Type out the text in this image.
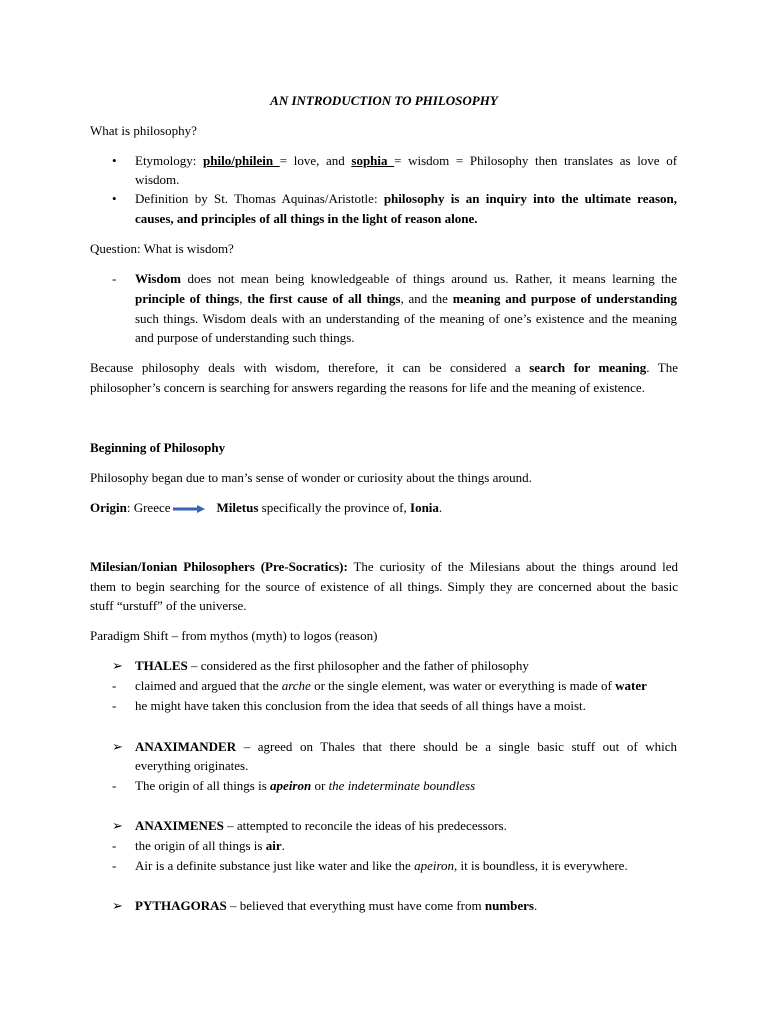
AN INTRODUCTION TO PHILOSOPHY
What is philosophy?
• Etymology: philo/philein = love, and sophia = wisdom = Philosophy then translates as love of
wisdom.
• Definition by St. Thomas Aquinas/Aristotle: philosophy is an inquiry into the ultimate reason,
causes, and principles of all things in the light of reason alone.
Question: What is wisdom?
- Wisdom does not mean being knowledgeable of things around us. Rather, it means learning the
principle of things, the first cause of all things, and the meaning and purpose of understanding
such things. Wisdom deals with an understanding of the meaning of one’s existence and the meaning
and purpose of understanding such things.
Because philosophy deals with wisdom, therefore, it can be considered a search for meaning. The
philosopher’s concern is searching for answers regarding the reasons for life and the meaning of existence.
Beginning of Philosophy
Philosophy began due to man’s sense of wonder or curiosity about the things around.
Origin: Greece	Miletus specifically the province of, Ionia.
Milesian/Ionian Philosophers (Pre-Socratics): The curiosity of the Milesians about the things around led
them to begin searching for the source of existence of all things. Simply they are concerned about the basic
stuff “urstuff” of the universe.
Paradigm Shift – from mythos (myth) to logos (reason)
➢ THALES – considered as the first philosopher and the father of philosophy
- claimed and argued that the arche or the single element, was water or everything is made of water
- he might have taken this conclusion from the idea that seeds of all things have a moist.
➢ ANAXIMANDER – agreed on Thales that there should be a single basic stuff out of which
everything originates.
- The origin of all things is apeiron or the indeterminate boundless
➢ ANAXIMENES – attempted to reconcile the ideas of his predecessors.
- the origin of all things is air.
- Air is a definite substance just like water and like the apeiron, it is boundless, it is everywhere.
➢ PYTHAGORAS – believed that everything must have come from numbers.
